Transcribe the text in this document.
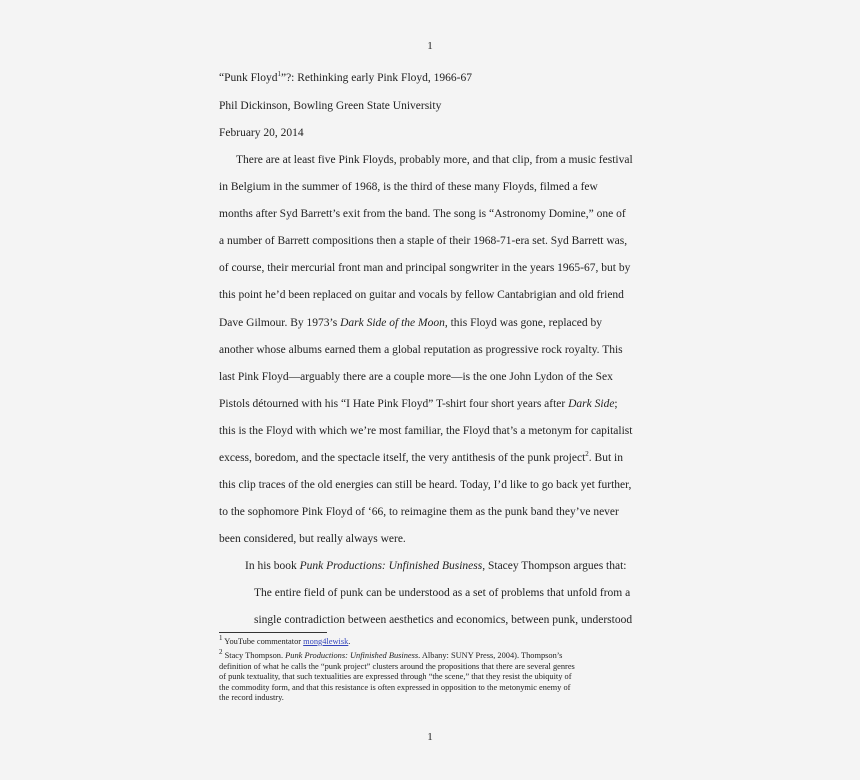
1
“Punk Floyd$^1$”?: Rethinking early Pink Floyd, 1966-67
Phil Dickinson, Bowling Green State University
February 20, 2014
There are at least five Pink Floyds, probably more, and that clip, from a music festival
in Belgium in the summer of 1968, is the third of these many Floyds, filmed a few
months after Syd Barrett’s exit from the band. The song is “Astronomy Domine,” one of
a number of Barrett compositions then a staple of their 1968-71-era set. Syd Barrett was,
of course, their mercurial front man and principal songwriter in the years 1965-67, but by
this point he’d been replaced on guitar and vocals by fellow Cantabrigian and old friend
Dave Gilmour. By 1973’s Dark Side of the Moon, this Floyd was gone, replaced by
another whose albums earned them a global reputation as progressive rock royalty. This
last Pink Floyd—arguably there are a couple more—is the one John Lydon of the Sex
Pistols détourned with his “I Hate Pink Floyd” T-shirt four short years after Dark Side;
this is the Floyd with which we’re most familiar, the Floyd that’s a metonym for capitalist
excess, boredom, and the spectacle itself, the very antithesis of the punk project$^2$. But in
this clip traces of the old energies can still be heard. Today, I’d like to go back yet further,
to the sophomore Pink Floyd of ‘66, to reimagine them as the punk band they’ve never
been considered, but really always were.
In his book Punk Productions: Unfinished Business, Stacey Thompson argues that:
The entire field of punk can be understood as a set of problems that unfold from a
single contradiction between aesthetics and economics, between punk, understood
$^1$ YouTube commentator mong4lewisk.
$^2$ Stacy Thompson. Punk Productions: Unfinished Business. Albany: SUNY Press, 2004). Thompson’s
definition of what he calls the “punk project” clusters around the propositions that there are several genres
of punk textuality, that such textualities are expressed through “the scene,” that they resist the ubiquity of
the commodity form, and that this resistance is often expressed in opposition to the metonymic enemy of
the record industry.
1
